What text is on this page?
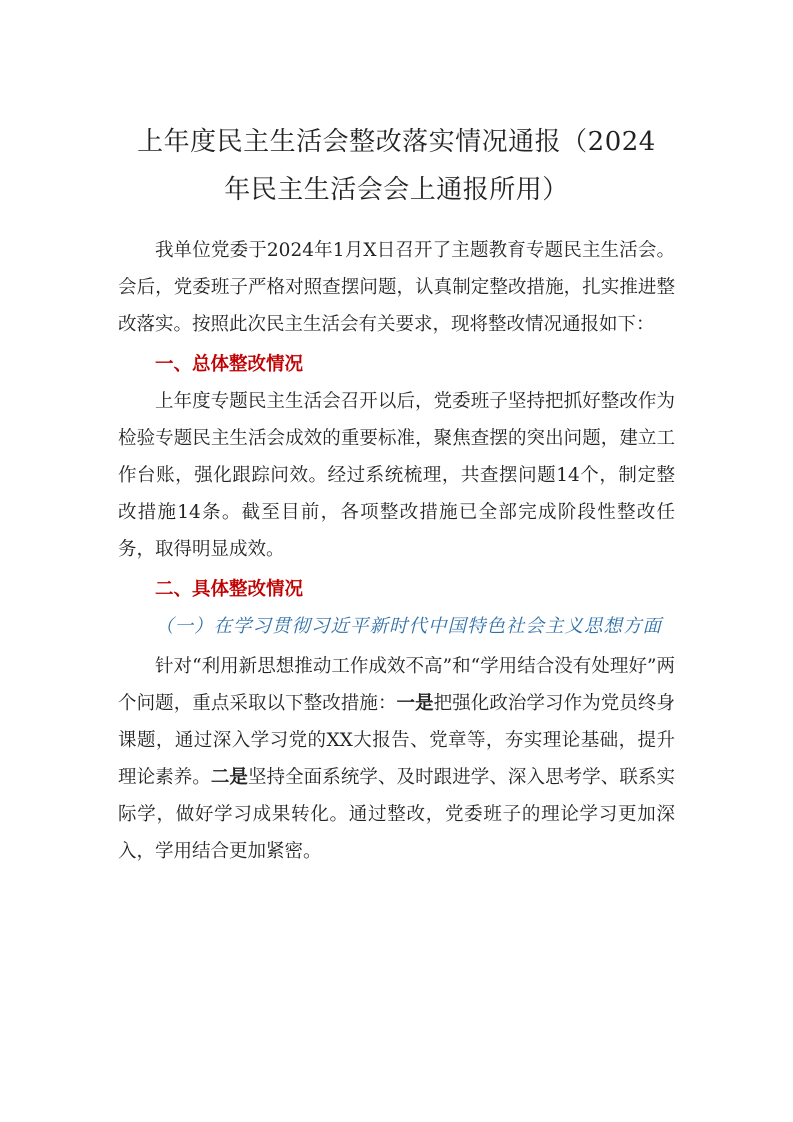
上年度民主生活会整改落实情况通报（2024
年民主生活会会上通报所用）

我单位党委于2024年1月X日召开了主题教育专题民主生活会。会后，党委班子严格对照查摆问题，认真制定整改措施，扎实推进整改落实。按照此次民主生活会有关要求，现将整改情况通报如下：

一、总体整改情况

上年度专题民主生活会召开以后，党委班子坚持把抓好整改作为检验专题民主生活会成效的重要标准，聚焦查摆的突出问题，建立工作台账，强化跟踪问效。经过系统梳理，共查摆问题14个，制定整改措施14条。截至目前，各项整改措施已全部完成阶段性整改任务，取得明显成效。

二、具体整改情况

（一）在学习贯彻习近平新时代中国特色社会主义思想方面

针对“利用新思想推动工作成效不高”和“学用结合没有处理好”两个问题，重点采取以下整改措施：一是把强化政治学习作为党员终身课题，通过深入学习党的XX大报告、党章等，夯实理论基础，提升理论素养。二是坚持全面系统学、及时跟进学、深入思考学、联系实际学，做好学习成果转化。通过整改，党委班子的理论学习更加深入，学用结合更加紧密。
